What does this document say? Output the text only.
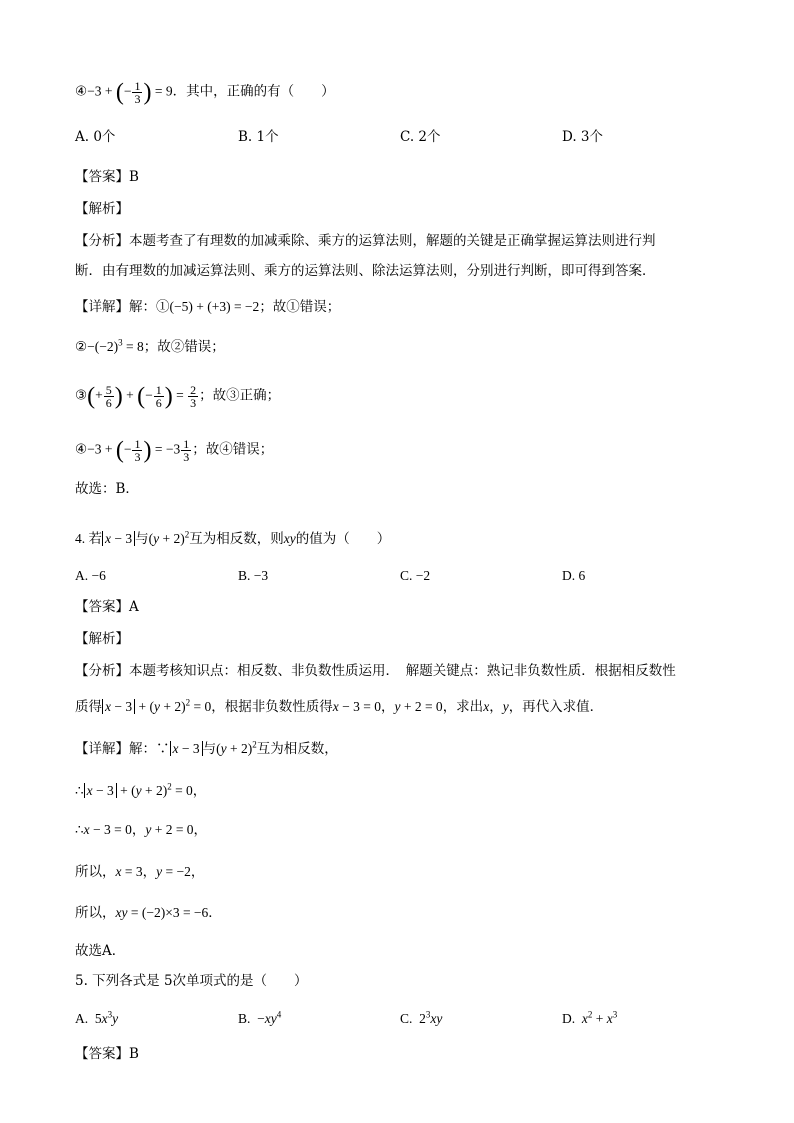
④−3 + (− $\frac{1}{3}$ ) = 9．其中，正确的有（　　）
A. 0个	B. 1个	C. 2个	D. 3个
【答案】B
【解析】
【分析】本题考查了有理数的加减乘除、乘方的运算法则，解题的关键是正确掌握运算法则进行判
断．由有理数的加减运算法则、乘方的运算法则、除法运算法则，分别进行判断，即可得到答案．
【详解】解：①(−5) + (+3) = −2；故①错误；
$②-(-2)^3 = 8$；故②错误；
③(+ $\frac{5}{6}$ ) + (− $\frac{1}{6}$ ) = $\frac{2}{3}$ ；故③正确；
④−3 + (− $\frac{1}{3}$ ) = $-3 \frac{1}{3}$ ；故④错误；
故选：B．
4. 若 x − 3 与$(y + 2)^2$互为相反数，则xy的值为（　　）
A. −6	B. −3	C. −2	D. 6
【答案】A
【解析】
【分析】本题考核知识点：相反数、非负数性质运用．　解题关键点：熟记非负数性质．根据相反数性
质得 $x - 3 + (y + 2)^2 = 0$，根据非负数性质得x − 3 = 0，y + 2 = 0，求出x，y，再代入求值．
【详解】解：∵ x − 3 与$(y + 2)^2$互为相反数，
∴ $x - 3 + (y + 2)^2 = 0$，
∴x − 3 = 0，y + 2 = 0，
所以，x = 3，y = −2，
所以，xy = (−2)×3 = −6．
故选A．
5. 下列各式是 5次单项式的是（　　）
A.  $5x^3y$	B.  $-xy^4$	C.  $2^3xy$	D. $x^2 + x^3$
【答案】B
